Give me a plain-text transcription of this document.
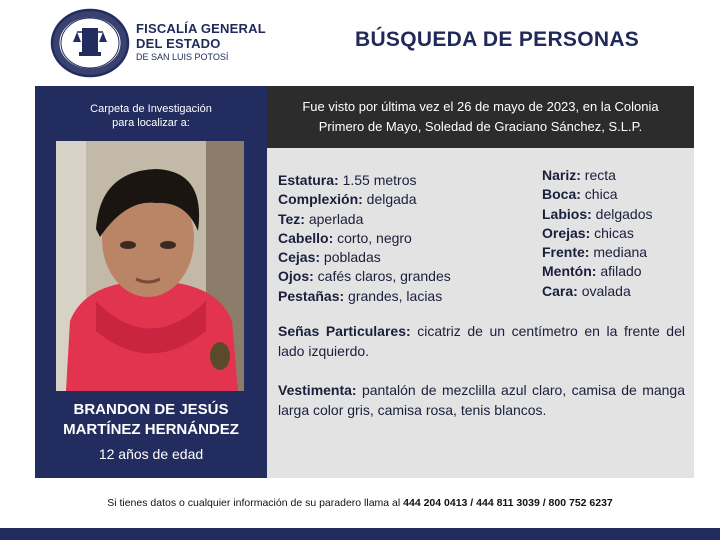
FISCALÍA GENERAL
DEL ESTADO
DE SAN LUIS POTOSÍ
BÚSQUEDA DE PERSONAS
Carpeta de Investigación
para localizar a:
BRANDON DE JESÚS
MARTÍNEZ HERNÁNDEZ
12 años de edad
Fue visto por última vez el 26 de mayo de 2023, en la Colonia
Primero de Mayo, Soledad de Graciano Sánchez, S.L.P.
Estatura: 1.55 metros
Complexión: delgada
Tez: aperlada
Cabello: corto, negro
Cejas: pobladas
Ojos: cafés claros, grandes
Pestañas: grandes, lacias
Nariz: recta
Boca: chica
Labios: delgados
Orejas: chicas
Frente: mediana
Mentón: afilado
Cara: ovalada
Señas Particulares: cicatriz de un centímetro en la frente del lado izquierdo.
Vestimenta: pantalón de mezclilla azul claro, camisa de manga larga color gris, camisa rosa, tenis blancos.
Si tienes datos o cualquier información de su paradero llama al 444 204 0413 / 444 811 3039 / 800 752 6237
